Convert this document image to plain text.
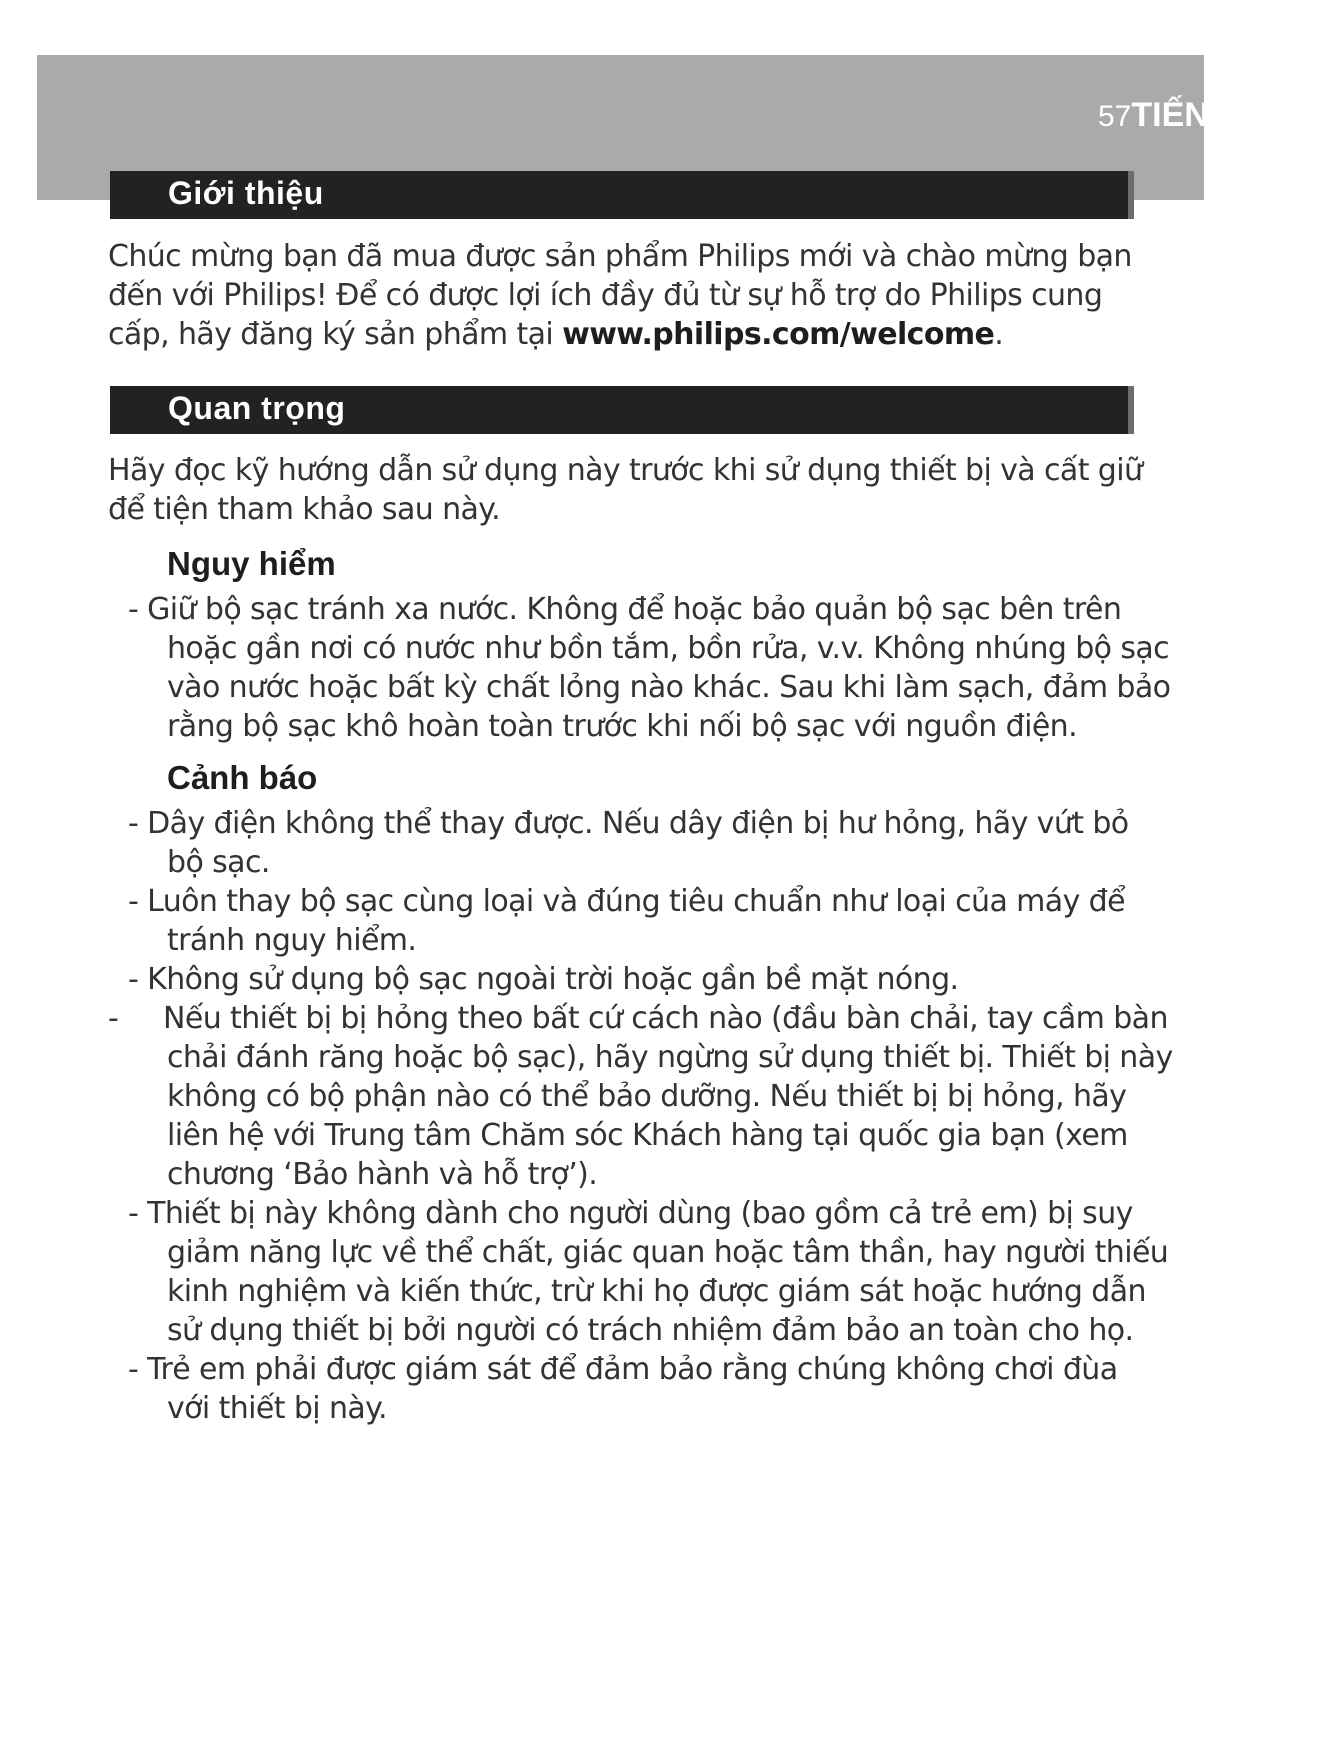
57TIẾNG VIỆT
Giới thiệu
Chúc mừng bạn đã mua được sản phẩm Philips mới và chào mừng bạn
đến với Philips! Để có được lợi ích đầy đủ từ sự hỗ trợ do Philips cung
cấp, hãy đăng ký sản phẩm tại www.philips.com/welcome.
Quan trọng
Hãy đọc kỹ hướng dẫn sử dụng này trước khi sử dụng thiết bị và cất giữ
để tiện tham khảo sau này.
Nguy hiểm
- Giữ bộ sạc tránh xa nước. Không để hoặc bảo quản bộ sạc bên trên
hoặc gần nơi có nước như bồn tắm, bồn rửa, v.v. Không nhúng bộ sạc
vào nước hoặc bất kỳ chất lỏng nào khác. Sau khi làm sạch, đảm bảo
rằng bộ sạc khô hoàn toàn trước khi nối bộ sạc với nguồn điện.
Cảnh báo
- Dây điện không thể thay được. Nếu dây điện bị hư hỏng, hãy vứt bỏ
bộ sạc.
- Luôn thay bộ sạc cùng loại và đúng tiêu chuẩn như loại của máy để
tránh nguy hiểm.
- Không sử dụng bộ sạc ngoài trời hoặc gần bề mặt nóng.
- Nếu thiết bị bị hỏng theo bất cứ cách nào (đầu bàn chải, tay cầm bàn
chải đánh răng hoặc bộ sạc), hãy ngừng sử dụng thiết bị. Thiết bị này
không có bộ phận nào có thể bảo dưỡng. Nếu thiết bị bị hỏng, hãy
liên hệ với Trung tâm Chăm sóc Khách hàng tại quốc gia bạn (xem
chương ‘Bảo hành và hỗ trợ’).
- Thiết bị này không dành cho người dùng (bao gồm cả trẻ em) bị suy
giảm năng lực về thể chất, giác quan hoặc tâm thần, hay người thiếu
kinh nghiệm và kiến thức, trừ khi họ được giám sát hoặc hướng dẫn
sử dụng thiết bị bởi người có trách nhiệm đảm bảo an toàn cho họ.
- Trẻ em phải được giám sát để đảm bảo rằng chúng không chơi đùa
với thiết bị này.
